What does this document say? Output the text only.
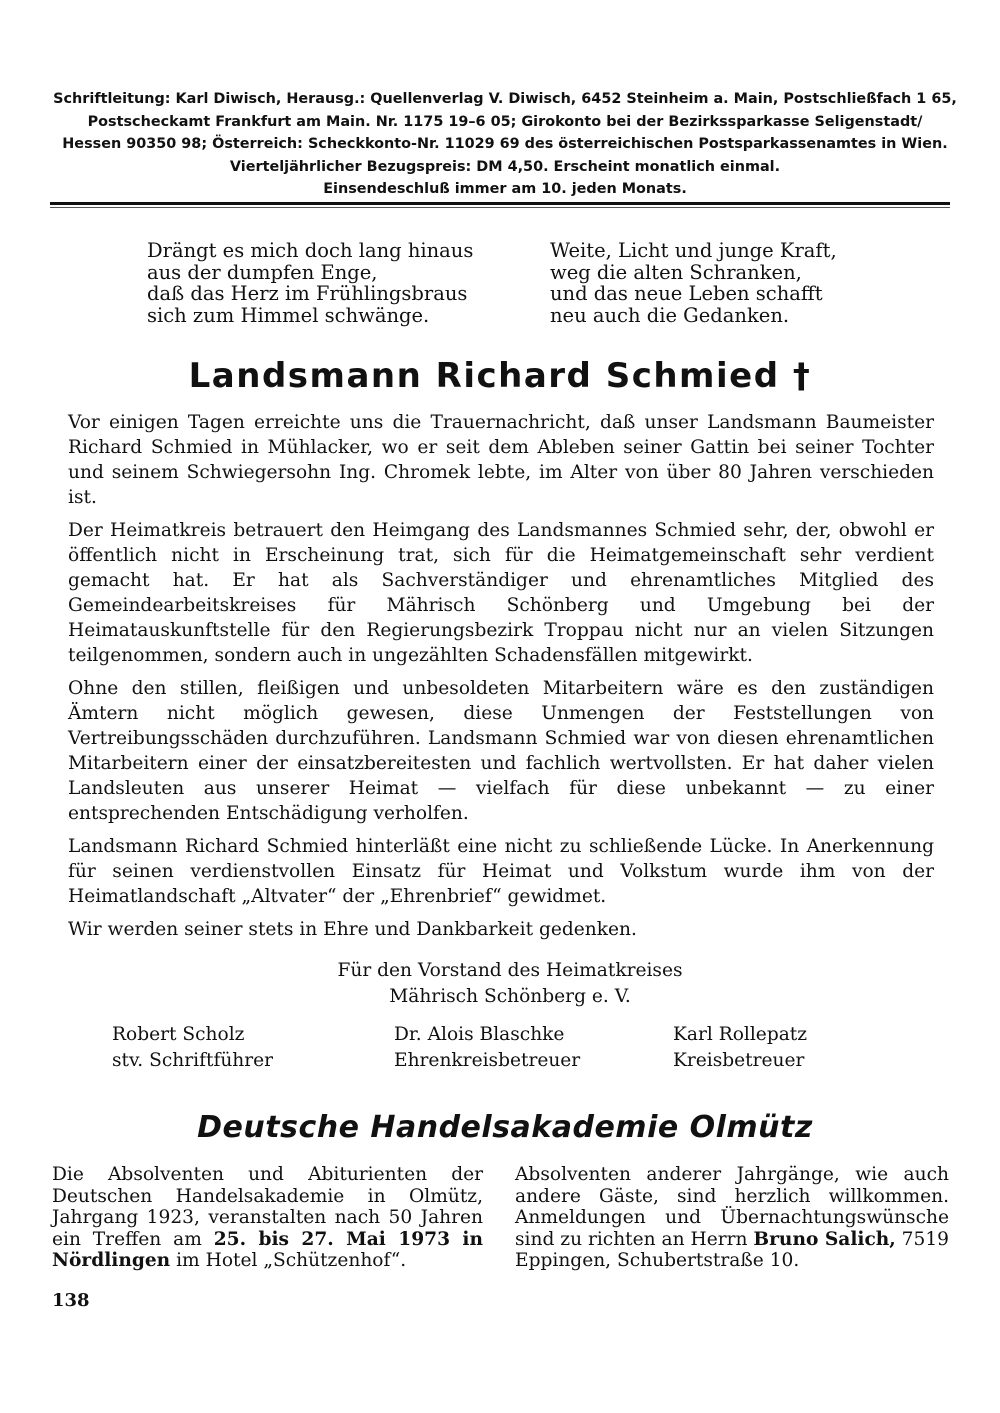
Schriftleitung: Karl Diwisch, Herausg.: Quellenverlag V. Diwisch, 6452 Steinheim a. Main, Postschließfach 1 65,
Postscheckamt Frankfurt am Main. Nr. 1175 19–6 05; Girokonto bei der Bezirkssparkasse Seligenstadt/
Hessen 90350 98; Österreich: Scheckkonto-Nr. 11029 69 des österreichischen Postsparkassenamtes in Wien.
Vierteljährlicher Bezugspreis: DM 4,50. Erscheint monatlich einmal.
Einsendeschluß immer am 10. jeden Monats.
Drängt es mich doch lang hinaus
aus der dumpfen Enge,
daß das Herz im Frühlingsbraus
sich zum Himmel schwänge.
Weite, Licht und junge Kraft,
weg die alten Schranken,
und das neue Leben schafft
neu auch die Gedanken.
Landsmann Richard Schmied †

Vor einigen Tagen erreichte uns die Trauernachricht, daß unser Landsmann Baumeister Richard Schmied in Mühlacker, wo er seit dem Ableben seiner Gattin bei seiner Tochter und seinem Schwiegersohn Ing. Chromek lebte, im Alter von über 80 Jahren verschieden ist.

Der Heimatkreis betrauert den Heimgang des Landsmannes Schmied sehr, der, obwohl er öffentlich nicht in Erscheinung trat, sich für die Heimatgemeinschaft sehr verdient gemacht hat. Er hat als Sachverständiger und ehrenamtliches Mitglied des Gemeindearbeitskreises für Mährisch Schönberg und Umgebung bei der Heimatauskunftstelle für den Regierungsbezirk Troppau nicht nur an vielen Sitzungen teilgenommen, sondern auch in ungezählten Schadensfällen mitgewirkt.

Ohne den stillen, fleißigen und unbesoldeten Mitarbeitern wäre es den zuständigen Ämtern nicht möglich gewesen, diese Unmengen der Feststellungen von Vertreibungsschäden durchzuführen. Landsmann Schmied war von diesen ehrenamtlichen Mitarbeitern einer der einsatzbereitesten und fachlich wertvollsten. Er hat daher vielen Landsleuten aus unserer Heimat — vielfach für diese unbekannt — zu einer entsprechenden Entschädigung verholfen.

Landsmann Richard Schmied hinterläßt eine nicht zu schließende Lücke. In Anerkennung für seinen verdienstvollen Einsatz für Heimat und Volkstum wurde ihm von der Heimatlandschaft „Altvater“ der „Ehrenbrief“ gewidmet.

Wir werden seiner stets in Ehre und Dankbarkeit gedenken.

Für den Vorstand des Heimatkreises
Mährisch Schönberg e. V.
Robert Scholz
stv. Schriftführer
Dr. Alois Blaschke
Ehrenkreisbetreuer
Karl Rollepatz
Kreisbetreuer
Deutsche Handelsakademie Olmütz
Die Absolventen und Abiturienten der Deutschen Handelsakademie in Olmütz, Jahrgang 1923, veranstalten nach 50 Jahren ein Treffen am 25. bis 27. Mai 1973 in Nördlingen im Hotel „Schützenhof“.
Absolventen anderer Jahrgänge, wie auch andere Gäste, sind herzlich willkommen. Anmeldungen und Übernachtungswünsche sind zu richten an Herrn Bruno Salich, 7519 Eppingen, Schubertstraße 10.
138
